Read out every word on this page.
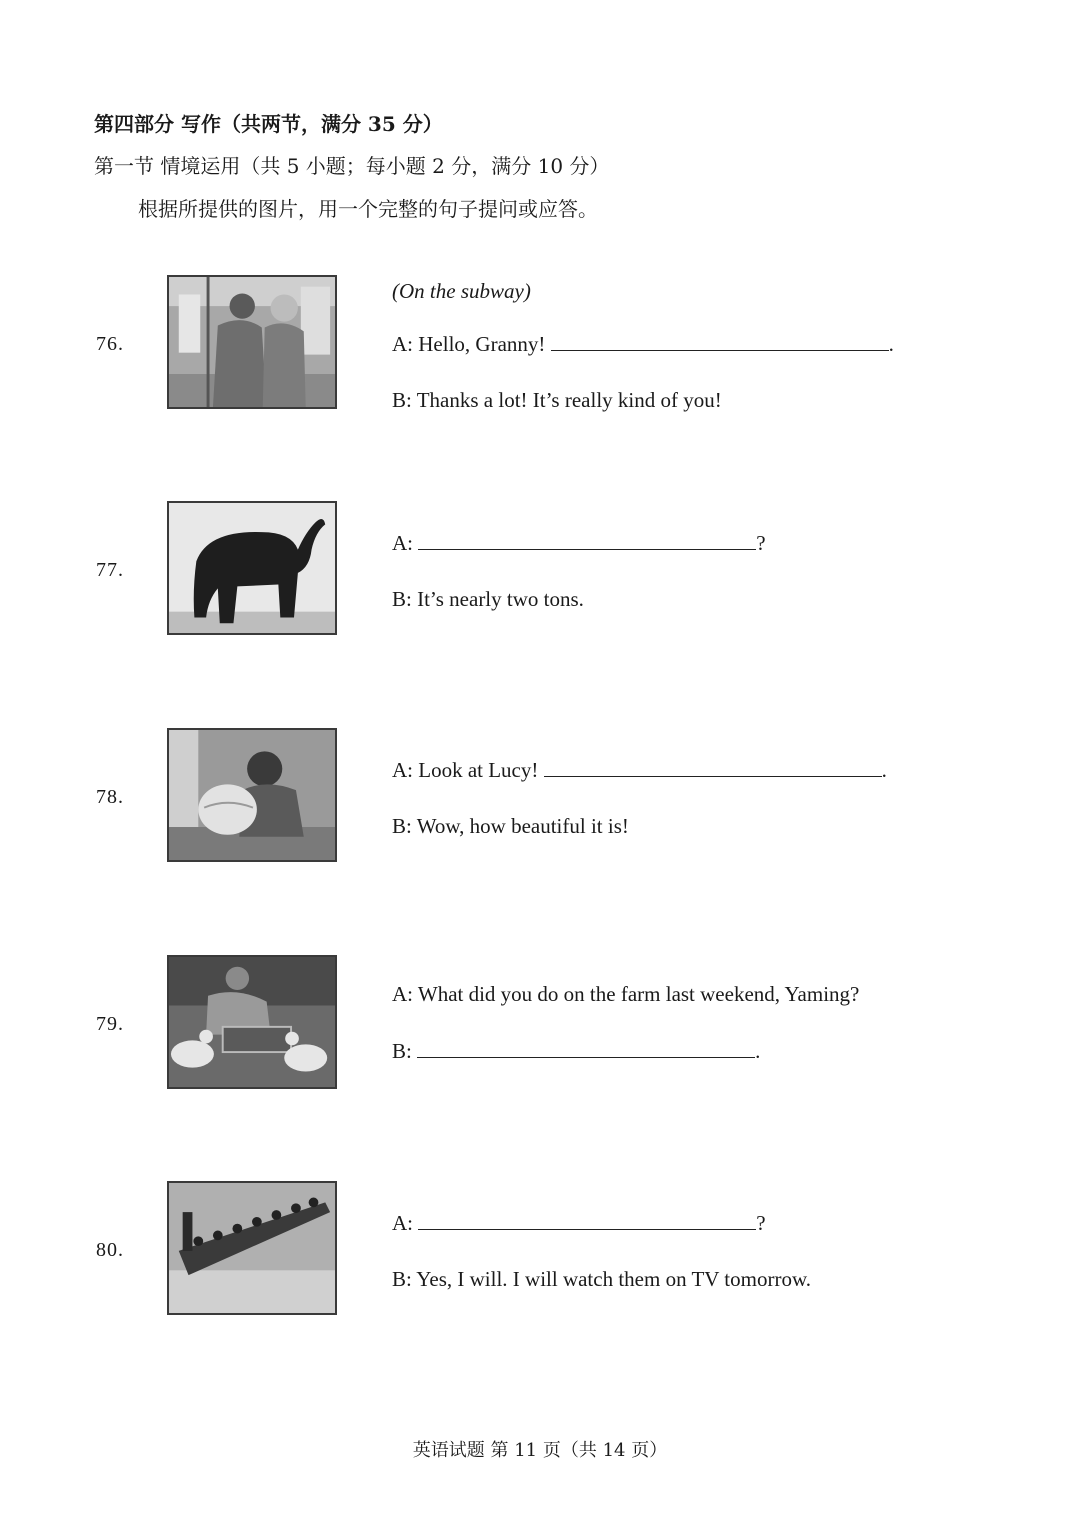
第四部分 写作（共两节，满分 35 分）
第一节 情境运用（共 5 小题；每小题 2 分，满分 10 分）
根据所提供的图片，用一个完整的句子提问或应答。
76.
(On the subway)
A: Hello, Granny!	.
B: Thanks a lot! It’s really kind of you!
77.
A:	?
B: It’s nearly two tons.
78.
A: Look at Lucy!	.
B: Wow, how beautiful it is!
79.
A: What did you do on the farm last weekend, Yaming?
B:	.
80.
A:	?
B: Yes, I will. I will watch them on TV tomorrow.
英语试题 第 11 页（共 14 页）
